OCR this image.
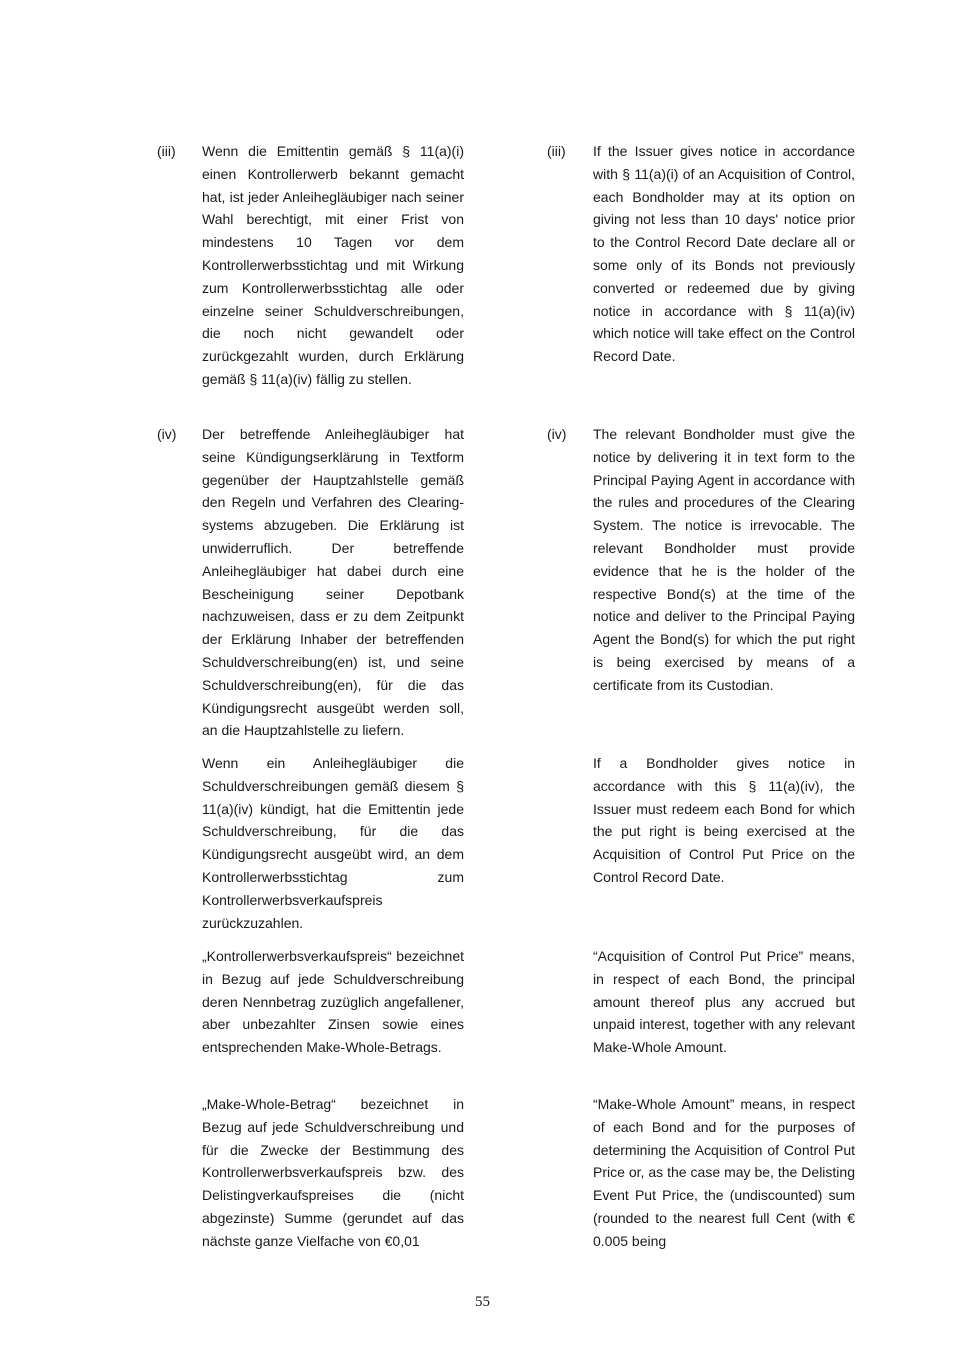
(iii) Wenn die Emittentin gemäß § 11(a)(i) einen Kontrollerwerb bekannt gemacht hat, ist jeder Anleihegläubiger nach seiner Wahl berechtigt, mit einer Frist von mindestens 10 Tagen vor dem Kontrollerwerbsstichtag und mit Wirkung zum Kontrollerwerbsstichtag alle oder einzelne seiner Schuldverschreibungen, die noch nicht gewandelt oder zurückgezahlt wurden, durch Erklärung gemäß § 11(a)(iv) fällig zu stellen.

(iii) If the Issuer gives notice in accordance with § 11(a)(i) of an Acquisition of Control, each Bondholder may at its option on giving not less than 10 days' notice prior to the Control Record Date declare all or some only of its Bonds not previously converted or redeemed due by giving notice in accordance with § 11(a)(iv) which notice will take effect on the Control Record Date.

(iv) Der betreffende Anleihegläubiger hat seine Kündigungserklärung in Textform gegenüber der Hauptzahlstelle gemäß den Regeln und Verfahren des Clearing-systems abzugeben. Die Erklärung ist unwiderruflich. Der betreffende Anleihegläubiger hat dabei durch eine Bescheinigung seiner Depotbank nachzuweisen, dass er zu dem Zeitpunkt der Erklärung Inhaber der betreffenden Schuldverschreibung(en) ist, und seine Schuldverschreibung(en), für die das Kündigungsrecht ausgeübt werden soll, an die Hauptzahlstelle zu liefern.

(iv) The relevant Bondholder must give the notice by delivering it in text form to the Principal Paying Agent in accordance with the rules and procedures of the Clearing System. The notice is irrevocable. The relevant Bondholder must provide evidence that he is the holder of the respective Bond(s) at the time of the notice and deliver to the Principal Paying Agent the Bond(s) for which the put right is being exercised by means of a certificate from its Custodian.

Wenn ein Anleihegläubiger die Schuldverschreibungen gemäß diesem § 11(a)(iv) kündigt, hat die Emittentin jede Schuldverschreibung, für die das Kündigungsrecht ausgeübt wird, an dem Kontrollerwerbsstichtag zum Kontrollerwerbsverkaufspreis zurückzuzahlen.

If a Bondholder gives notice in accordance with this § 11(a)(iv), the Issuer must redeem each Bond for which the put right is being exercised at the Acquisition of Control Put Price on the Control Record Date.

„Kontrollerwerbsverkaufspreis“ bezeichnet in Bezug auf jede Schuldverschreibung deren Nennbetrag zuzüglich angefallener, aber unbezahlter Zinsen sowie eines entsprechenden Make-Whole-Betrags.

“Acquisition of Control Put Price” means, in respect of each Bond, the principal amount thereof plus any accrued but unpaid interest, together with any relevant Make-Whole Amount.

„Make-Whole-Betrag“ bezeichnet in Bezug auf jede Schuldverschreibung und für die Zwecke der Bestimmung des Kontrollerwerbsverkaufspreis bzw. des Delistingverkaufspreises die (nicht abgezinste) Summe (gerundet auf das nächste ganze Vielfache von €0,01

“Make-Whole Amount” means, in respect of each Bond and for the purposes of determining the Acquisition of Control Put Price or, as the case may be, the Delisting Event Put Price, the (undiscounted) sum (rounded to the nearest full Cent (with € 0.005 being

55
